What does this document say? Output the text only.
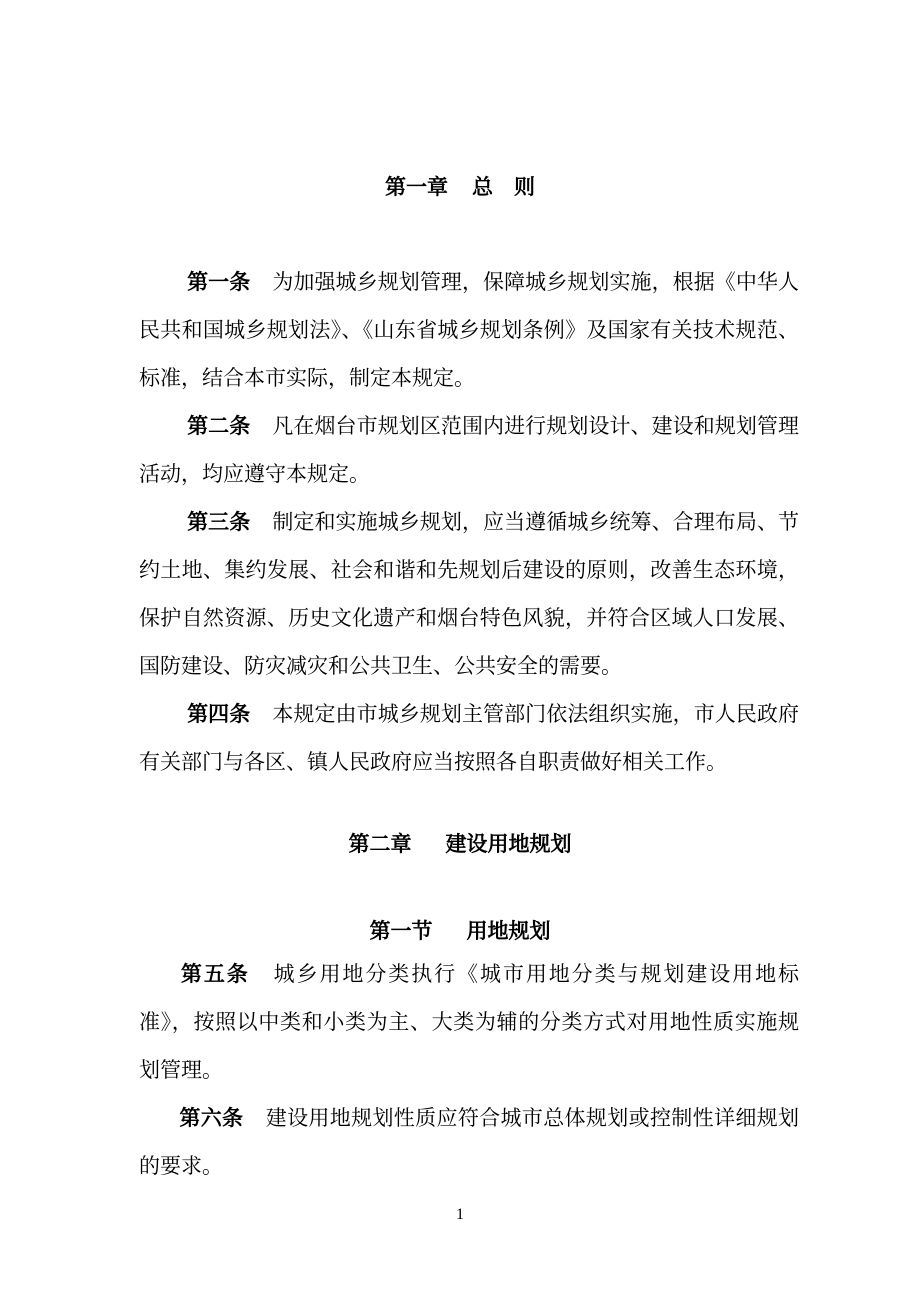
第一章 总　则
第一条 为加强城乡规划管理，保障城乡规划实施，根据《中华人民共和国城乡规划法》、《山东省城乡规划条例》及国家有关技术规范、标准，结合本市实际，制定本规定。
第二条 凡在烟台市规划区范围内进行规划设计、建设和规划管理活动，均应遵守本规定。
第三条 制定和实施城乡规划，应当遵循城乡统筹、合理布局、节约土地、集约发展、社会和谐和先规划后建设的原则，改善生态环境，保护自然资源、历史文化遗产和烟台特色风貌，并符合区域人口发展、国防建设、防灾减灾和公共卫生、公共安全的需要。
第四条 本规定由市城乡规划主管部门依法组织实施，市人民政府有关部门与各区、镇人民政府应当按照各自职责做好相关工作。
第二章 建设用地规划
第一节 用地规划
第五条 城乡用地分类执行《城市用地分类与规划建设用地标准》，按照以中类和小类为主、大类为辅的分类方式对用地性质实施规划管理。
第六条 建设用地规划性质应符合城市总体规划或控制性详细规划的要求。
1
